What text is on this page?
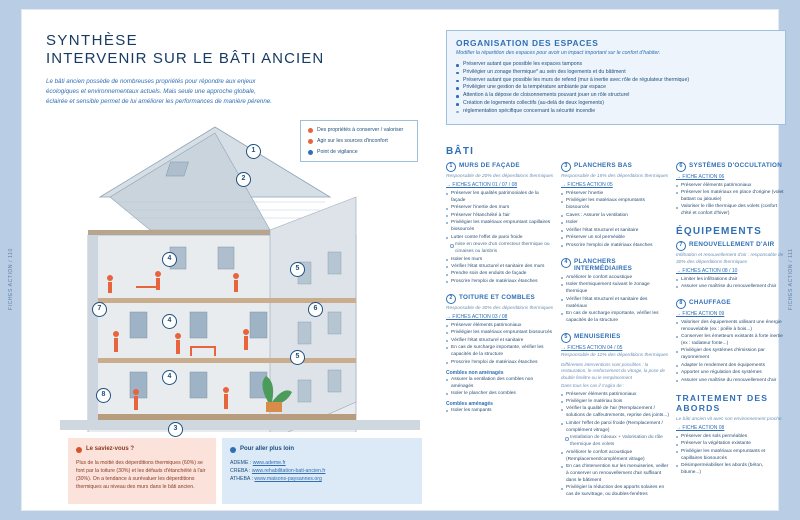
FICHES ACTION / 110	FICHES ACTION / 111
SYNTHÈSE
INTERVENIR SUR LE BÂTI ANCIEN
Le bâti ancien possède de nombreuses propriétés pour répondre aux enjeux écologiques et environnementaux actuels. Mais seule une approche globale, éclairée et sensible permet de lui améliorer les performances de manière pérenne.
1
2
3
4
4
4
5
5
6
7
8
Des propriétés à conserver / valoriser
Agir sur les sources d'inconfort
Point de vigilance
Le saviez-vous ?
Plus de la moitié des déperditions thermiques (60%) se font par la toiture (30%) et les défauts d'étanchéité à l'air (30%). On a tendance à surévaluer les déperditions thermiques au niveau des murs dans le bâti ancien.
Pour aller plus loin
ADEME : www.ademe.fr
CREBA : www.rehabilitation-bati-ancien.fr
ATHEBA : www.maisons-paysannes.org
ORGANISATION DES ESPACES
Modifier la répartition des espaces pour avoir un impact important sur le confort d'habiter.
Préserver autant que possible les espaces tampons
Privilégier un zonage thermique* au sein des logements et du bâtiment
Préserver autant que possible les murs de refend (mur à inertie avec rôle de régulateur thermique)
Privilégier une gestion de la température ambiante par espace
Attention à la dépose de cloisonnements pouvant jouer un rôle structurel
Création de logements collectifs (au-delà de deux logements)
réglementation spécifique concernant la sécurité incendie
BÂTI
1	MURS DE FAÇADE
Responsable de 20% des déperditions thermiques
→ FICHES ACTION 01 / 07 / 08
Préserver les qualités patrimoniales de la façade
Préserver l'inertie des murs
Préserver l'étanchéité à l'air
Privilégier les matériaux empruntant capillaires biosourcés
Lutter contre l'effet de paroi froide
mise en œuvre d'un correcteur thermique ou cimaises ou lambris
Isoler les murs
Vérifier l'état structurel et sanitaire des murs
Prendre soin des enduits de façade
Proscrire l'emploi de matériaux étanches
2	TOITURE ET COMBLES
Responsable de 30% des déperditions thermiques
→ FICHES ACTION 03 / 08
Préserver éléments patrimoniaux
Privilégier les matériaux empruntant biosourcés
Vérifier l'état structurel et sanitaire
En cas de surcharge importante, vérifier les capacités de la structure
Proscrire l'emploi de matériaux étanches
Combles non aménagés
Assurer la ventilation des combles non aménagés
Isoler le plancher des combles
Combles aménagés
Isoler les rampants
3	PLANCHERS BAS
Responsable de 15% des déperditions thermiques
→ FICHES ACTION 05
Préserver l'inertie
Privilégier les matériaux empruntants biosourcés
Caves : Assurer la ventilation
Isoler
Vérifier l'état structurel et sanitaire
Préserver un sol perméable
Proscrire l'emploi de matériaux étanches
4	PLANCHERS INTERMÉDIAIRES
Améliorer le confort acoustique
Isoler thermiquement suivant le zonage thermique
Vérifier l'état structurel et sanitaire des matériaux
En cas de surcharge importante, vérifier les capacités de la structure
5	MENUISERIES
→ FICHES ACTION 04 / 05
Responsable de 12% des déperditions thermiques
Différentes interventions sont possibles : la restauration, le renforcement du vitrage, la pose de double fenêtre ou le remplacement
Dans tous les cas il s'agira de :
Préserver éléments patrimoniaux
Privilégier le matériau bois
Vérifier la qualité de l'air (Remplacement / solutions de calfeutrements, reprise des joints...)
Limiter l'effet de paroi froide (Remplacement / complément vitrage)
Installation de rideaux + Valorisation du rôle thermique des volets
Améliorer le confort acoustique (Remplacement/complément vitrage)
En cas d'intervention sur les menuiseries, veiller à conserver un renouvellement d'air suffisant dans le bâtiment
Privilégier la réduction des apports solaires en cas de survitrage, ou doubles-fenêtres
6	SYSTÈMES D'OCCULTATION
→ FICHE ACTION 06
Préserver éléments patrimoniaux
Préserver les matériaux en place d'origine (volet battant ou jalousie)
Valoriser le rôle thermique des volets (confort d'été et confort d'hiver)
ÉQUIPEMENTS
7	RENOUVELLEMENT D'AIR
Infiltration et renouvellement d'air : responsable de 30% des déperditions thermiques
→ FICHES ACTION 08 / 10
Limiter les infiltrations d'air
Assurer une maîtrise du renouvellement d'air
8	CHAUFFAGE
→ FICHE ACTION 09
Valoriser des équipements utilisant une énergie renouvelable (ex : poêle à bois...)
Conserver les émetteurs existants à forte inertie (ex : radiateur fonte...)
Privilégier des systèmes d'émission par rayonnement
Adapter le rendement des équipements
Apporter une régulation des systèmes
Assurer une maîtrise du renouvellement d'air
TRAITEMENT DES ABORDS
Le bâti ancien vit avec son environnement proche
→ FICHE ACTION 08
Préserver des sols perméables
Préserver la végétation existante
Privilégier les matériaux empruntants et capillaires biosourcés
Désimperméabiliser les abords (béton, bitume...)
